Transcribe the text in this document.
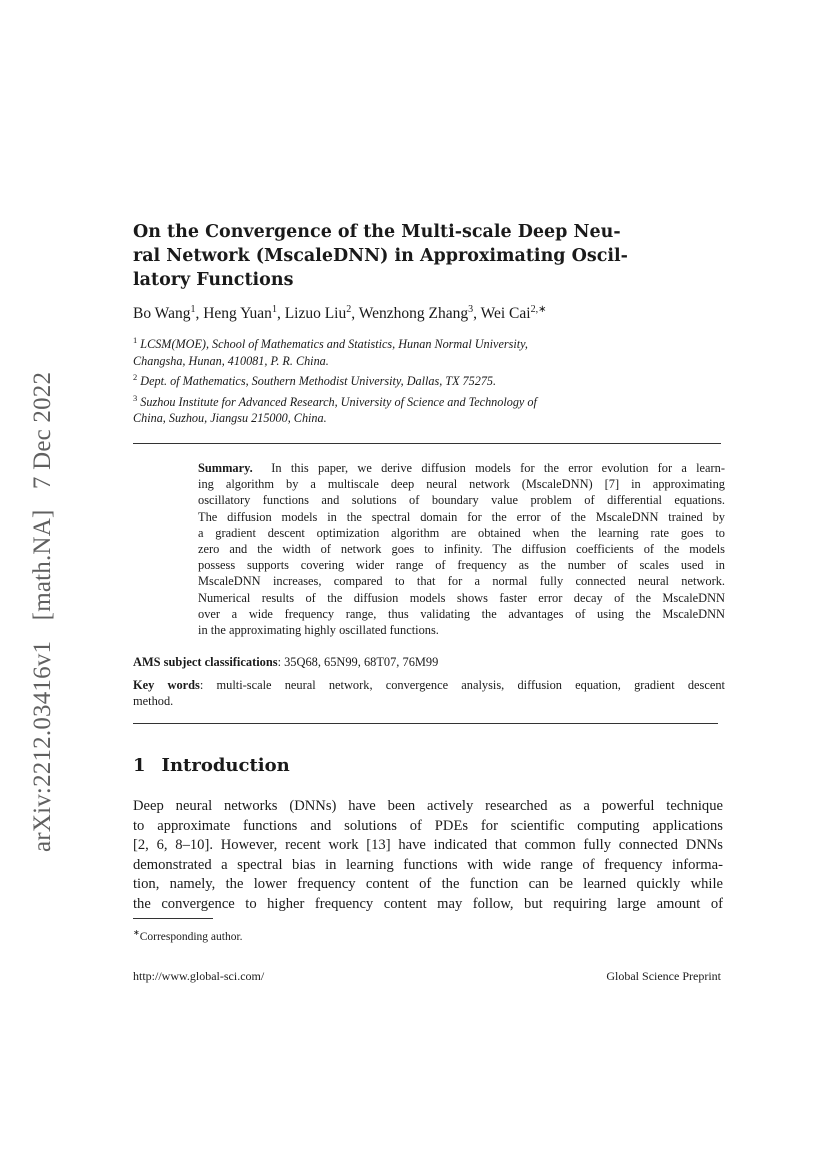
arXiv:2212.03416v1 [math.NA] 7 Dec 2022
On the Convergence of the Multi-scale Deep Neu-
ral Network (MscaleDNN) in Approximating Oscil-
latory Functions
Bo Wang$^1$, Heng Yuan$^1$, Lizuo Liu$^2$, Wenzhong Zhang$^3$, Wei Cai$^{2,∗}$
$^1$ LCSM(MOE), School of Mathematics and Statistics, Hunan Normal University,
Changsha, Hunan, 410081, P. R. China.
$^2$ Dept. of Mathematics, Southern Methodist University, Dallas, TX 75275.
$^3$ Suzhou Institute for Advanced Research, University of Science and Technology of
China, Suzhou, Jiangsu 215000, China.
Summary. In this paper, we derive diffusion models for the error evolution for a learn-
ing algorithm by a multiscale deep neural network (MscaleDNN) [7] in approximating
oscillatory functions and solutions of boundary value problem of differential equations.
The diffusion models in the spectral domain for the error of the MscaleDNN trained by
a gradient descent optimization algorithm are obtained when the learning rate goes to
zero and the width of network goes to infinity. The diffusion coefficients of the models
possess supports covering wider range of frequency as the number of scales used in
MscaleDNN increases, compared to that for a normal fully connected neural network.
Numerical results of the diffusion models shows faster error decay of the MscaleDNN
over a wide frequency range, thus validating the advantages of using the MscaleDNN
in the approximating highly oscillated functions.
AMS subject classifications: 35Q68, 65N99, 68T07, 76M99
Key words: multi-scale neural network, convergence analysis, diffusion equation, gradient descent
method.
1 Introduction
Deep neural networks (DNNs) have been actively researched as a powerful technique
to approximate functions and solutions of PDEs for scientific computing applications
[2, 6, 8–10]. However, recent work [13] have indicated that common fully connected DNNs
demonstrated a spectral bias in learning functions with wide range of frequency informa-
tion, namely, the lower frequency content of the function can be learned quickly while
the convergence to higher frequency content may follow, but requiring large amount of
∗Corresponding author.
http://www.global-sci.com/	Global Science Preprint
